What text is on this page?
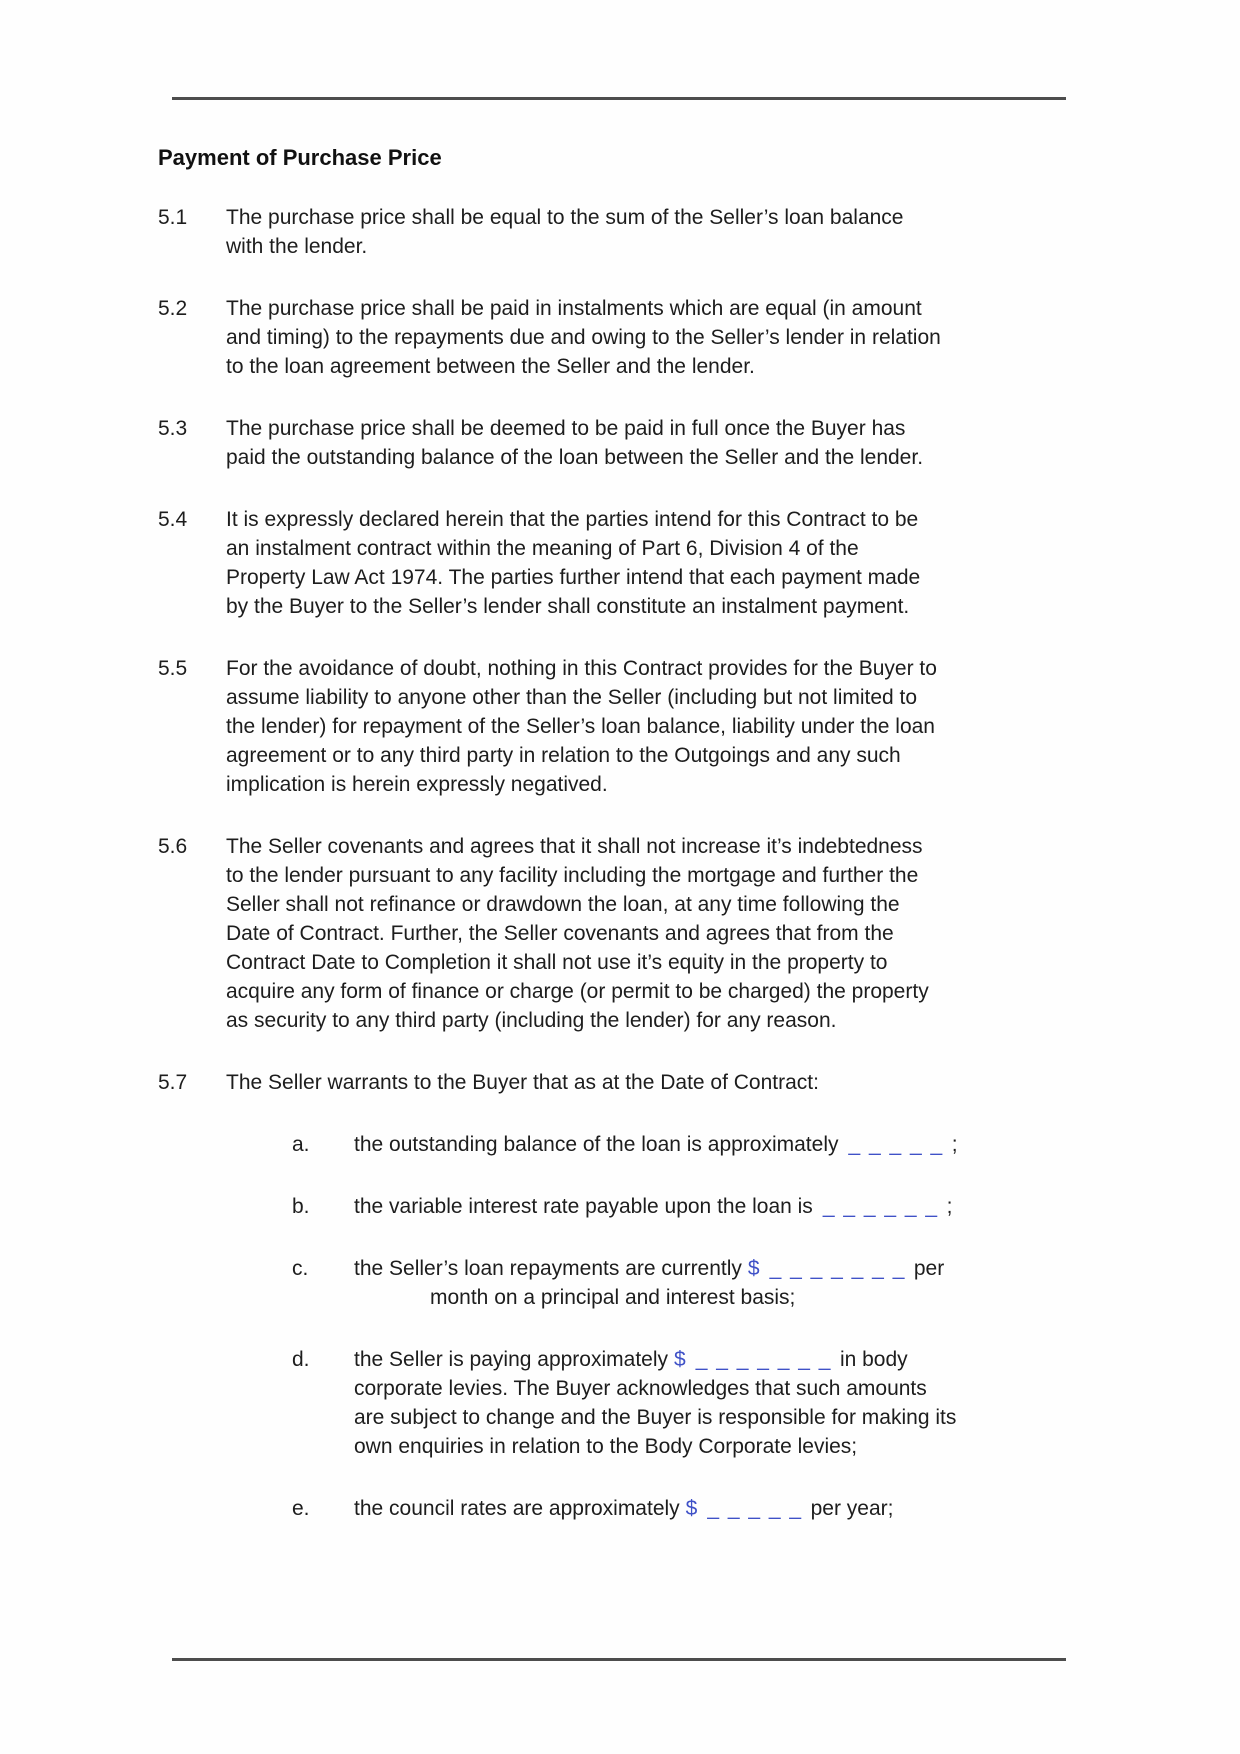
Payment of Purchase Price
5.1	The purchase price shall be equal to the sum of the Seller’s loan balance with the lender.
5.2	The purchase price shall be paid in instalments which are equal (in amount and timing) to the repayments due and owing to the Seller’s lender in relation to the loan agreement between the Seller and the lender.
5.3	The purchase price shall be deemed to be paid in full once the Buyer has paid the outstanding balance of the loan between the Seller and the lender.
5.4	It is expressly declared herein that the parties intend for this Contract to be an instalment contract within the meaning of Part 6, Division 4 of the Property Law Act 1974. The parties further intend that each payment made by the Buyer to the Seller’s lender shall constitute an instalment payment.
5.5	For the avoidance of doubt, nothing in this Contract provides for the Buyer to assume liability to anyone other than the Seller (including but not limited to the lender) for repayment of the Seller’s loan balance, liability under the loan agreement or to any third party in relation to the Outgoings and any such implication is herein expressly negatived.
5.6	The Seller covenants and agrees that it shall not increase it’s indebtedness to the lender pursuant to any facility including the mortgage and further the Seller shall not refinance or drawdown the loan, at any time following the Date of Contract. Further, the Seller covenants and agrees that from the Contract Date to Completion it shall not use it’s equity in the property to acquire any form of finance or charge (or permit to be charged) the property as security to any third party (including the lender) for any reason.
5.7	The Seller warrants to the Buyer that as at the Date of Contract:
a.	the outstanding balance of the loan is approximately _ _ _ _ _ ;
b.	the variable interest rate payable upon the loan is _ _ _ _ _ _ ;
c.	the Seller’s loan repayments are currently $ _ _ _ _ _ _ _ per
month on a principal and interest basis;
d.	the Seller is paying approximately $ _ _ _ _ _ _ _ in body corporate levies. The Buyer acknowledges that such amounts are subject to change and the Buyer is responsible for making its own enquiries in relation to the Body Corporate levies;
e.	the council rates are approximately $ _ _ _ _ _ per year;
